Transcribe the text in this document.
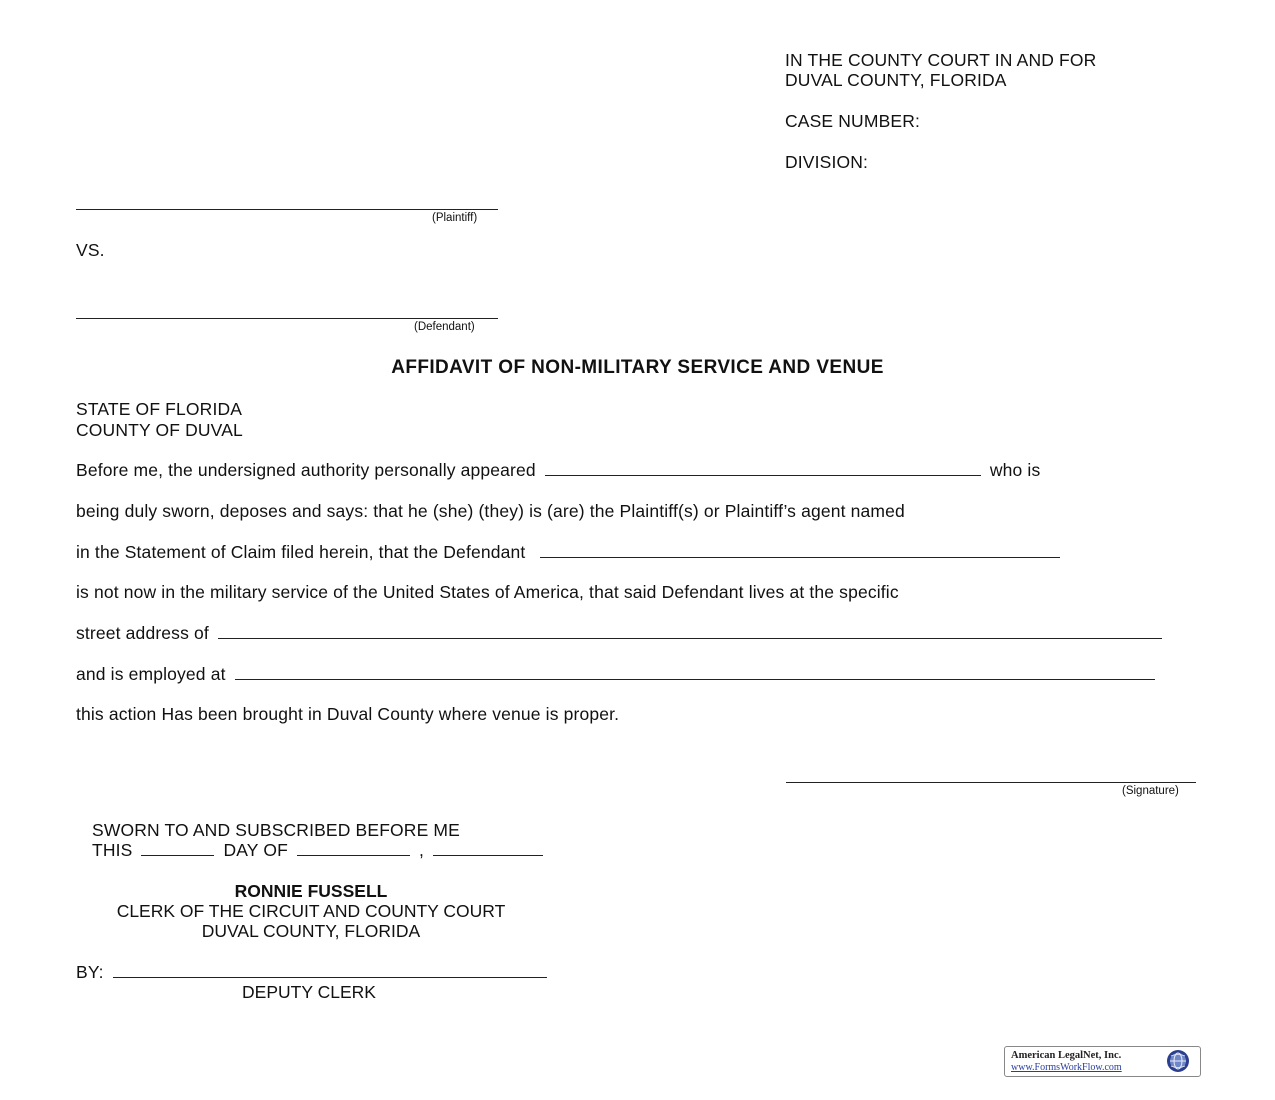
IN THE COUNTY COURT IN AND FOR
DUVAL COUNTY, FLORIDA
CASE NUMBER:
DIVISION:
(Plaintiff)
VS.
(Defendant)
AFFIDAVIT OF NON-MILITARY SERVICE AND VENUE
STATE OF FLORIDA
COUNTY OF DUVAL
Before me, the undersigned authority personally appeared	who is
being duly sworn, deposes and says: that he (she) (they) is (are) the Plaintiff(s) or Plaintiff’s agent named
in the Statement of Claim filed herein, that the Defendant
is not now in the military service of the United States of America, that said Defendant lives at the specific
street address of
and is employed at
this action Has been brought in Duval County where venue is proper.
(Signature)
SWORN TO AND SUBSCRIBED BEFORE ME
THIS	DAY OF	,
RONNIE FUSSELL
CLERK OF THE CIRCUIT AND COUNTY COURT
DUVAL COUNTY, FLORIDA
BY:
DEPUTY CLERK
American LegalNet, Inc.
www.FormsWorkFlow.com
